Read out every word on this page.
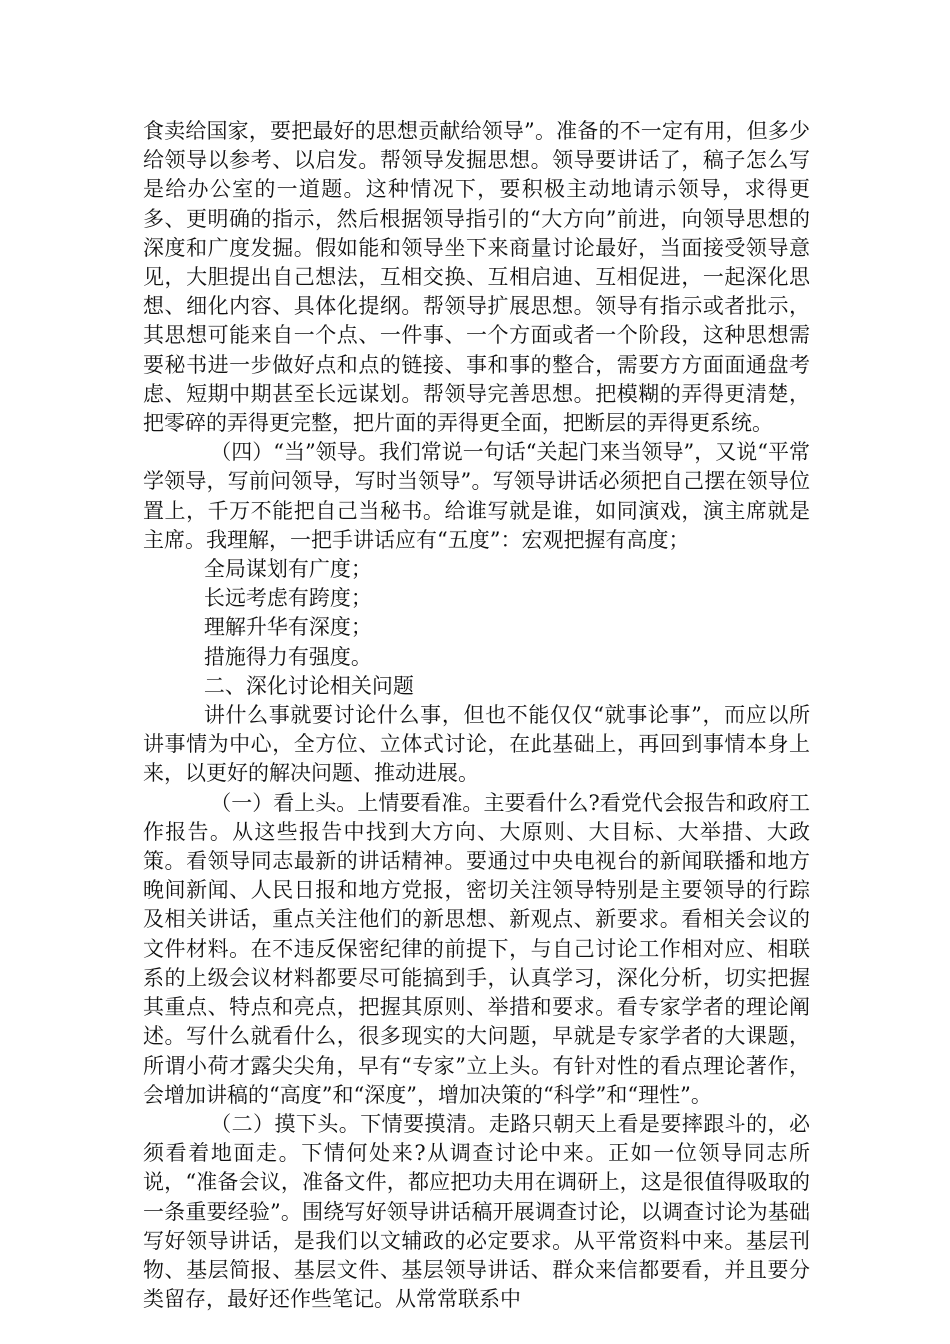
食卖给国家，要把最好的思想贡献给领导”。准备的不一定有用，但多少给领导以参考、以启发。帮领导发掘思想。领导要讲话了，稿子怎么写是给办公室的一道题。这种情况下，要积极主动地请示领导，求得更多、更明确的指示，然后根据领导指引的“大方向”前进，向领导思想的深度和广度发掘。假如能和领导坐下来商量讨论最好，当面接受领导意见，大胆提出自己想法，互相交换、互相启迪、互相促进，一起深化思想、细化内容、具体化提纲。帮领导扩展思想。领导有指示或者批示，其思想可能来自一个点、一件事、一个方面或者一个阶段，这种思想需要秘书进一步做好点和点的链接、事和事的整合，需要方方面面通盘考虑、短期中期甚至长远谋划。帮领导完善思想。把模糊的弄得更清楚，把零碎的弄得更完整，把片面的弄得更全面，把断层的弄得更系统。

（四）“当”领导。我们常说一句话“关起门来当领导”，又说“平常学领导，写前问领导，写时当领导”。写领导讲话必须把自己摆在领导位置上，千万不能把自己当秘书。给谁写就是谁，如同演戏，演主席就是主席。我理解，一把手讲话应有“五度”：宏观把握有高度；

全局谋划有广度；

长远考虑有跨度；

理解升华有深度；

措施得力有强度。

二、深化讨论相关问题

讲什么事就要讨论什么事，但也不能仅仅“就事论事”，而应以所讲事情为中心，全方位、立体式讨论，在此基础上，再回到事情本身上来，以更好的解决问题、推动进展。

（一）看上头。上情要看准。主要看什么?看党代会报告和政府工作报告。从这些报告中找到大方向、大原则、大目标、大举措、大政策。看领导同志最新的讲话精神。要通过中央电视台的新闻联播和地方晚间新闻、人民日报和地方党报，密切关注领导特别是主要领导的行踪及相关讲话，重点关注他们的新思想、新观点、新要求。看相关会议的文件材料。在不违反保密纪律的前提下，与自己讨论工作相对应、相联系的上级会议材料都要尽可能搞到手，认真学习，深化分析，切实把握其重点、特点和亮点，把握其原则、举措和要求。看专家学者的理论阐述。写什么就看什么，很多现实的大问题，早就是专家学者的大课题，所谓小荷才露尖尖角，早有“专家”立上头。有针对性的看点理论著作，会增加讲稿的“高度”和“深度”，增加决策的“科学”和“理性”。

（二）摸下头。下情要摸清。走路只朝天上看是要摔跟斗的，必须看着地面走。下情何处来?从调查讨论中来。正如一位领导同志所说，“准备会议，准备文件，都应把功夫用在调研上，这是很值得吸取的一条重要经验”。围绕写好领导讲话稿开展调查讨论，以调查讨论为基础写好领导讲话，是我们以文辅政的必定要求。从平常资料中来。基层刊物、基层简报、基层文件、基层领导讲话、群众来信都要看，并且要分类留存，最好还作些笔记。从常常联系中
